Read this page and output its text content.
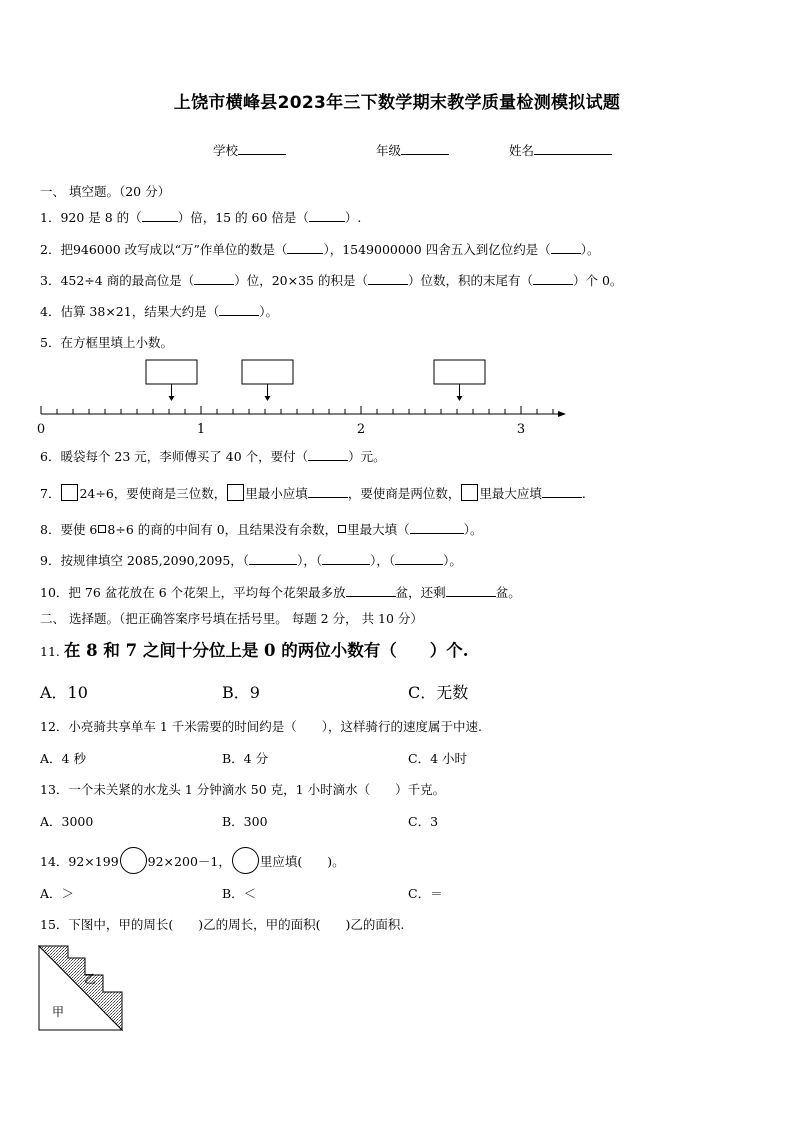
上饶市横峰县2023年三下数学期末教学质量检测模拟试题
学校	年级	姓名
一、 填空题。（20 分）
1．920 是 8 的（	）倍，15 的 60 倍是（	）.
2．把946000 改写成以“万”作单位的数是（	），1549000000 四舍五入到亿位约是（ ）。
3．452÷4 商的最高位是（	）位，20×35 的积是（	）位数，积的末尾有（	）个 0。
4．估算 38×21，结果大约是（	）。
5．在方框里填上小数。
0	1	2	3
6．暖袋每个 23 元，李师傅买了 40 个，要付（	）元。
7． 24÷6，要使商是三位数， 里最小应填	，要使商是两位数， 里最大应填	.
8．要使 6 8÷6 的商的中间有 0，且结果没有余数， 里最大填（	）。
9．按规律填空 2085,2090,2095，（	），（	），（	）。
10．把 76 盆花放在 6 个花架上，平均每个花架最多放	盆，还剩	盆。
二、 选择题。（把正确答案序号填在括号里。 每题 2 分， 共 10 分）
11. 在 8 和 7 之间十分位上是 0 的两位小数有（　　）个.
A．10	B．9	C．无数
12．小亮骑共享单车 1 千米需要的时间约是（　　），这样骑行的速度属于中速.
A．4 秒	B．4 分	C．4 小时
13．一个未关紧的水龙头 1 分钟滴水 50 克，1 小时滴水（　　）千克。
A．3000	B．300	C．3
14．92×199 92×200－1， 里应填(　　)。
A．＞	B．＜	C．＝
15．下图中，甲的周长(　　)乙的周长，甲的面积(　　)乙的面积.
甲
乙
